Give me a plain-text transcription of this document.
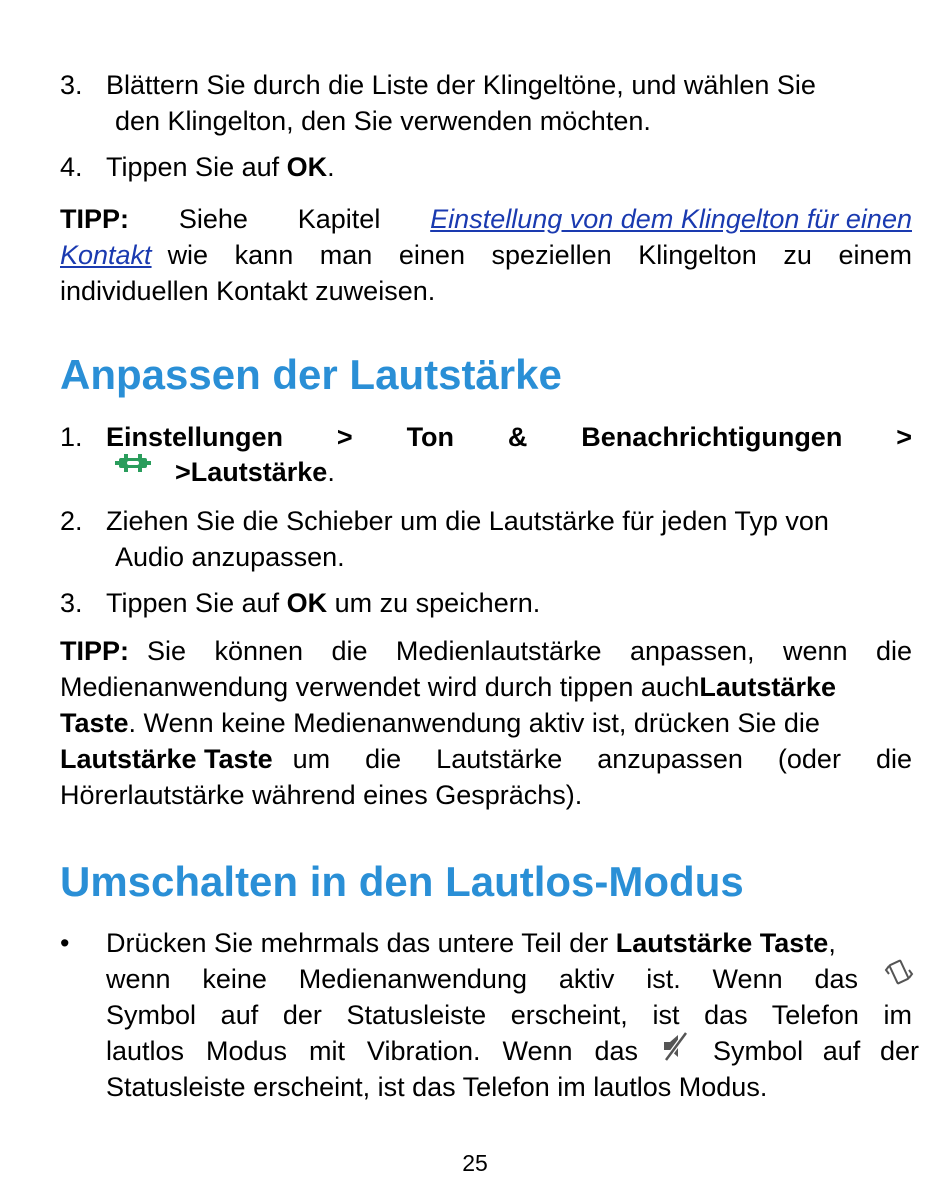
3. Blättern Sie durch die Liste der Klingeltöne, und wählen Sie
den Klingelton, den Sie verwenden möchten.
4. Tippen Sie auf OK.
TIPP: Siehe Kapitel Einstellung von dem Klingelton für einen
Kontakt wie kann man einen speziellen Klingelton zu einem
individuellen Kontakt zuweisen.
Anpassen der Lautstärke
1. Einstellungen > Ton & Benachrichtigungen >
>Lautstärke.
2. Ziehen Sie die Schieber um die Lautstärke für jeden Typ von
Audio anzupassen.
3. Tippen Sie auf OK um zu speichern.
TIPP: Sie können die Medienlautstärke anpassen, wenn die
Medienanwendung verwendet wird durch tippen auchLautstärke
Taste. Wenn keine Medienanwendung aktiv ist, drücken Sie die
Lautstärke Taste um die Lautstärke anzupassen (oder die
Hörerlautstärke während eines Gesprächs).
Umschalten in den Lautlos-Modus
• Drücken Sie mehrmals das untere Teil der Lautstärke Taste,
wenn keine Medienanwendung aktiv ist. Wenn das
Symbol auf der Statusleiste erscheint, ist das Telefon im
lautlos Modus mit Vibration. Wenn das	Symbol auf der
Statusleiste erscheint, ist das Telefon im lautlos Modus.
25
